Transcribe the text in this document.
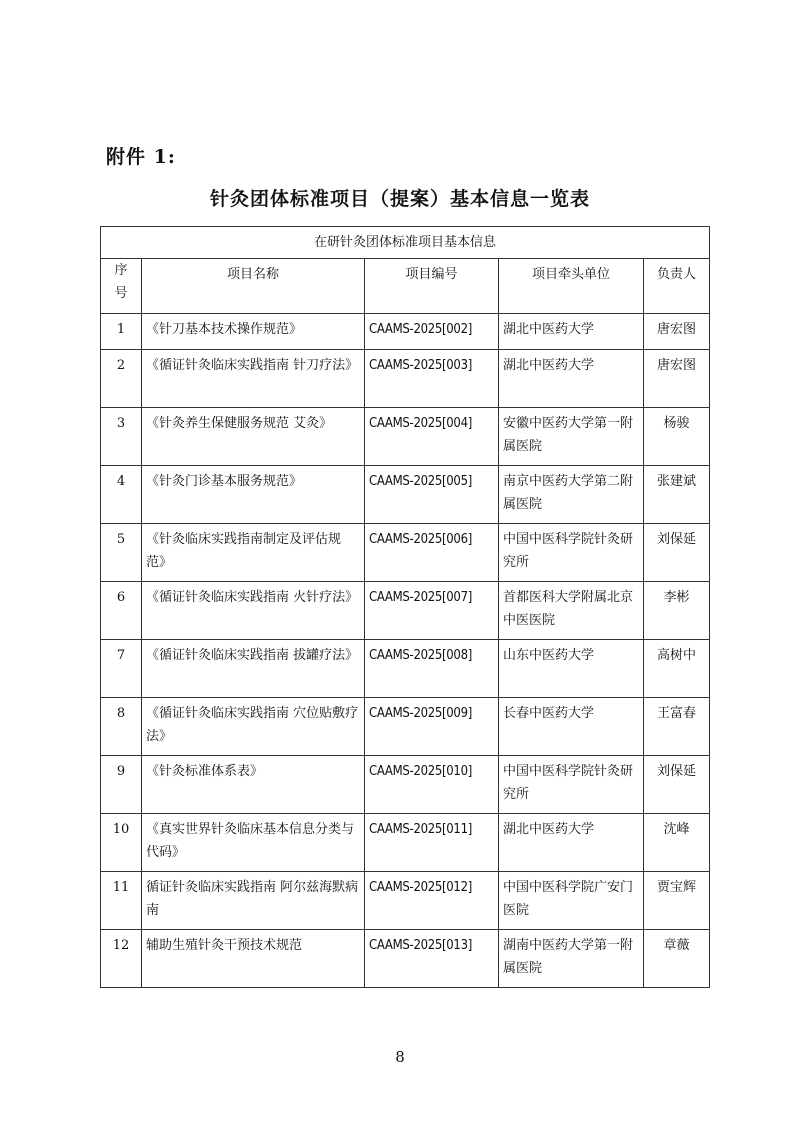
附件 1:
针灸团体标准项目（提案）基本信息一览表
在研针灸团体标准项目基本信息				
序号	项目名称	项目编号	项目牵头单位	负责人
1	《针刀基本技术操作规范》	CAAMS-2025[002]	湖北中医药大学	唐宏图
2	《循证针灸临床实践指南 针刀疗法》	CAAMS-2025[003]	湖北中医药大学	唐宏图
3	《针灸养生保健服务规范 艾灸》	CAAMS-2025[004]	安徽中医药大学第一附属医院	杨骏
4	《针灸门诊基本服务规范》	CAAMS-2025[005]	南京中医药大学第二附属医院	张建斌
5	《针灸临床实践指南制定及评估规范》	CAAMS-2025[006]	中国中医科学院针灸研究所	刘保延
6	《循证针灸临床实践指南 火针疗法》	CAAMS-2025[007]	首都医科大学附属北京中医医院	李彬
7	《循证针灸临床实践指南 拔罐疗法》	CAAMS-2025[008]	山东中医药大学	高树中
8	《循证针灸临床实践指南 穴位贴敷疗法》	CAAMS-2025[009]	长春中医药大学	王富春
9	《针灸标准体系表》	CAAMS-2025[010]	中国中医科学院针灸研究所	刘保延
10	《真实世界针灸临床基本信息分类与代码》	CAAMS-2025[011]	湖北中医药大学	沈峰
11	循证针灸临床实践指南 阿尔兹海默病南	CAAMS-2025[012]	中国中医科学院广安门医院	贾宝辉
12	辅助生殖针灸干预技术规范	CAAMS-2025[013]	湖南中医药大学第一附属医院	章薇
8
